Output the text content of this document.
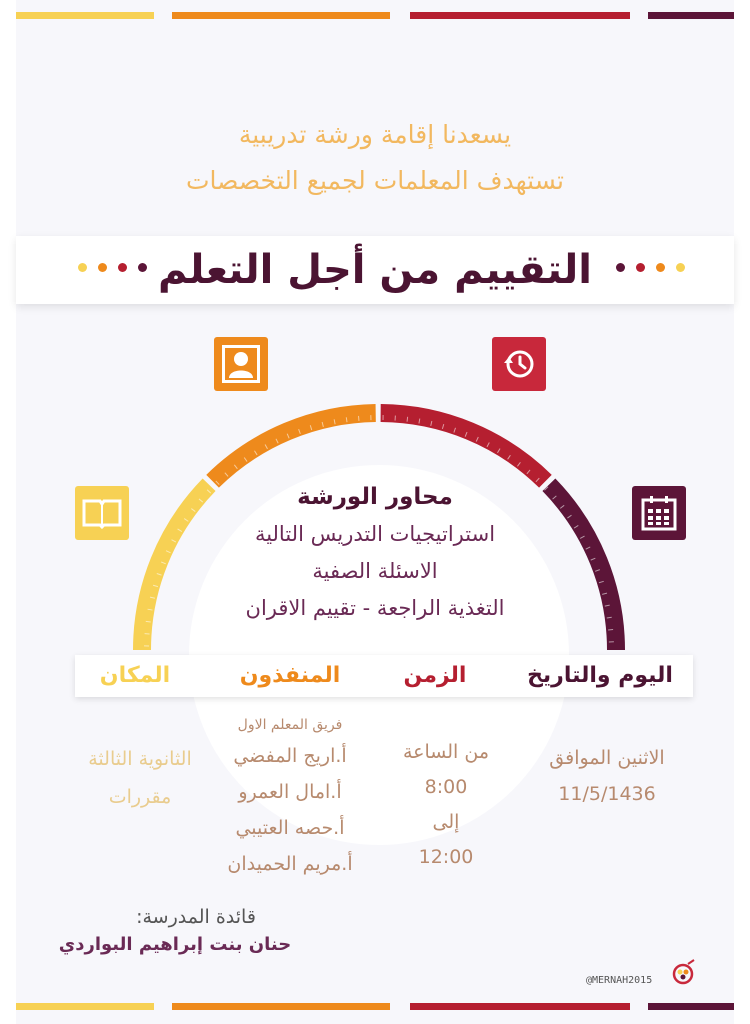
يسعدنا إقامة ورشة تدريبية
تستهدف المعلمات لجميع التخصصات
التقييم من أجل التعلم
محاور الورشة
استراتيجيات التدريس التالية
الاسئلة الصفية
التغذية الراجعة - تقييم الاقران
اليوم والتاريخ
الزمن
المنفذون
المكان
الاثنين الموافق
11/5/1436
من الساعة
8:00
إلى
12:00
فريق المعلم الاول
أ.اريج المفضي
أ.امال العمرو
أ.حصه العتيبي
أ.مريم الحميدان
الثانوية الثالثة
مقررات
قائدة المدرسة:
حنان بنت إبراهيم البواردي
@MERNAH2015
